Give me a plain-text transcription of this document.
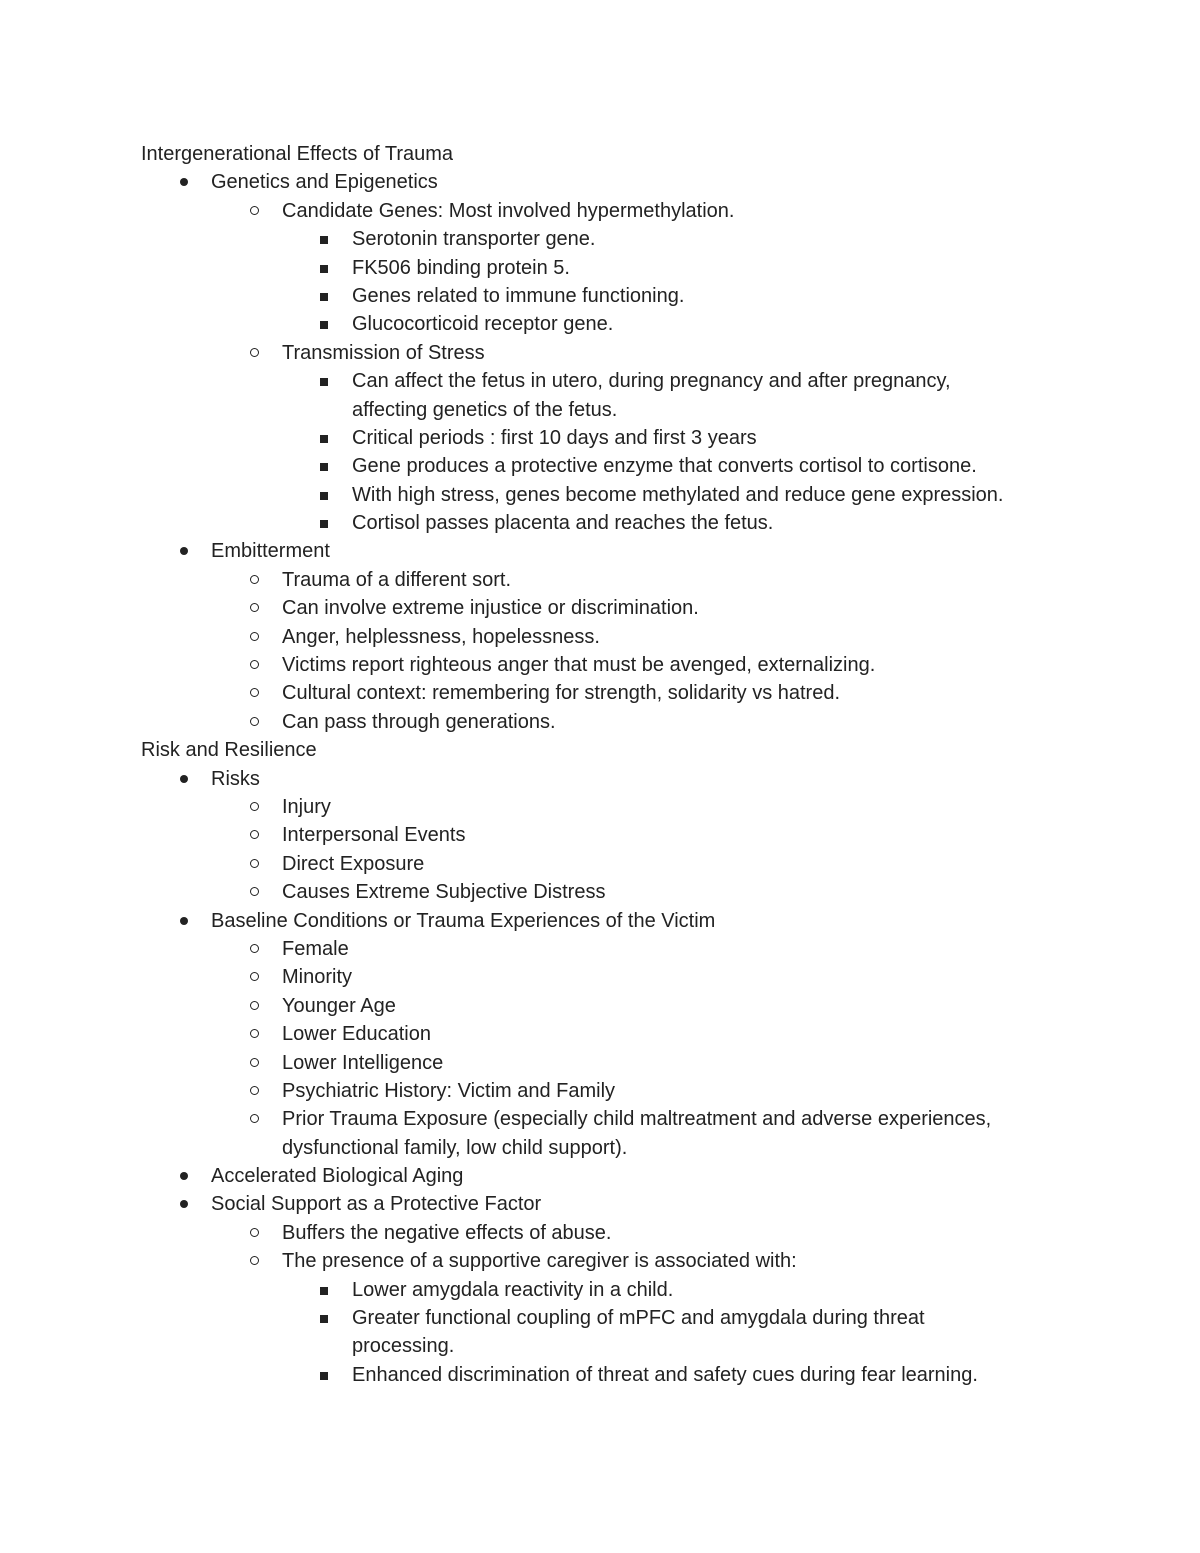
Intergenerational Effects of Trauma
Genetics and Epigenetics
Candidate Genes: Most involved hypermethylation.
Serotonin transporter gene.
FK506 binding protein 5.
Genes related to immune functioning.
Glucocorticoid receptor gene.
Transmission of Stress
Can affect the fetus in utero, during pregnancy and after pregnancy,
affecting genetics of the fetus.
Critical periods : first 10 days and first 3 years
Gene produces a protective enzyme that converts cortisol to cortisone.
With high stress, genes become methylated and reduce gene expression.
Cortisol passes placenta and reaches the fetus.
Embitterment
Trauma of a different sort.
Can involve extreme injustice or discrimination.
Anger, helplessness, hopelessness.
Victims report righteous anger that must be avenged, externalizing.
Cultural context: remembering for strength, solidarity vs hatred.
Can pass through generations.
Risk and Resilience
Risks
Injury
Interpersonal Events
Direct Exposure
Causes Extreme Subjective Distress
Baseline Conditions or Trauma Experiences of the Victim
Female
Minority
Younger Age
Lower Education
Lower Intelligence
Psychiatric History: Victim and Family
Prior Trauma Exposure (especially child maltreatment and adverse experiences,
dysfunctional family, low child support).
Accelerated Biological Aging
Social Support as a Protective Factor
Buffers the negative effects of abuse.
The presence of a supportive caregiver is associated with:
Lower amygdala reactivity in a child.
Greater functional coupling of mPFC and amygdala during threat
processing.
Enhanced discrimination of threat and safety cues during fear learning.
